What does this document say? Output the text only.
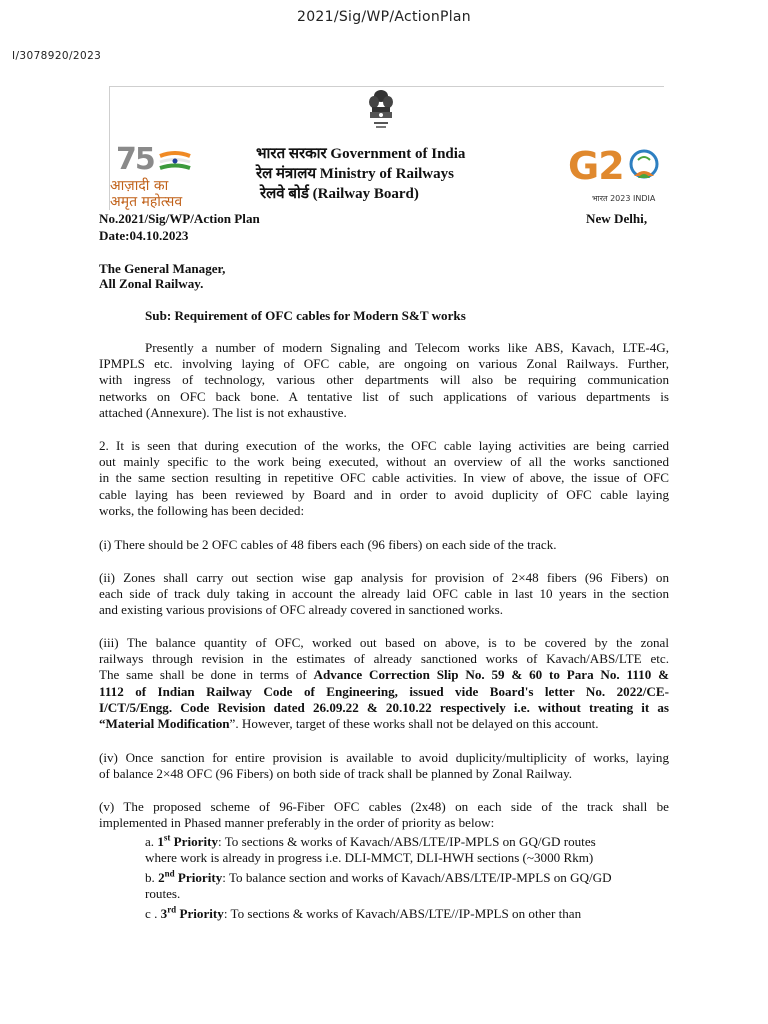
2021/Sig/WP/ActionPlan
I/3078920/2023
75
आज़ादी का
अमृत महोत्सव
भारत सरकार Government of India
रेल मंत्रालय Ministry of Railways
रेलवे बोर्ड (Railway Board)
G2
भारत 2023 INDIA
No.2021/Sig/WP/Action Plan	New Delhi,
Date:04.10.2023
The General Manager,
All Zonal Railway.
Sub: Requirement of OFC cables for Modern S&T works
Presently a number of modern Signaling and Telecom works like ABS, Kavach, LTE-4G,
IPMPLS etc. involving laying of OFC cable, are ongoing on various Zonal Railways. Further,
with ingress of technology, various other departments will also be requiring communication
networks on OFC back bone. A tentative list of such applications of various departments is
attached (Annexure). The list is not exhaustive.
2. It is seen that during execution of the works, the OFC cable laying activities are being carried
out mainly specific to the work being executed, without an overview of all the works sanctioned
in the same section resulting in repetitive OFC cable activities. In view of above, the issue of OFC
cable laying has been reviewed by Board and in order to avoid duplicity of OFC cable laying
works, the following has been decided:
(i) There should be 2 OFC cables of 48 fibers each (96 fibers) on each side of the track.
(ii) Zones shall carry out section wise gap analysis for provision of 2×48 fibers (96 Fibers) on
each side of track duly taking in account the already laid OFC cable in last 10 years in the section
and existing various provisions of OFC already covered in sanctioned works.
(iii) The balance quantity of OFC, worked out based on above, is to be covered by the zonal
railways through revision in the estimates of already sanctioned works of Kavach/ABS/LTE etc.
The same shall be done in terms of Advance Correction Slip No. 59 & 60 to Para No. 1110 &
1112 of Indian Railway Code of Engineering, issued vide Board's letter No. 2022/CE-
I/CT/5/Engg. Code Revision dated 26.09.22 & 20.10.22 respectively i.e. without treating it as
“Material Modification”. However, target of these works shall not be delayed on this account.
(iv) Once sanction for entire provision is available to avoid duplicity/multiplicity of works, laying
of balance 2×48 OFC (96 Fibers) on both side of track shall be planned by Zonal Railway.
(v) The proposed scheme of 96-Fiber OFC cables (2x48) on each side of the track shall be
implemented in Phased manner preferably in the order of priority as below:
a. 1st Priority: To sections & works of Kavach/ABS/LTE/IP-MPLS on GQ/GD routes
where work is already in progress i.e. DLI-MMCT, DLI-HWH sections (~3000 Rkm)
b. 2nd Priority: To balance section and works of Kavach/ABS/LTE/IP-MPLS on GQ/GD
routes.
c . 3rd Priority: To sections & works of Kavach/ABS/LTE//IP-MPLS on other than
